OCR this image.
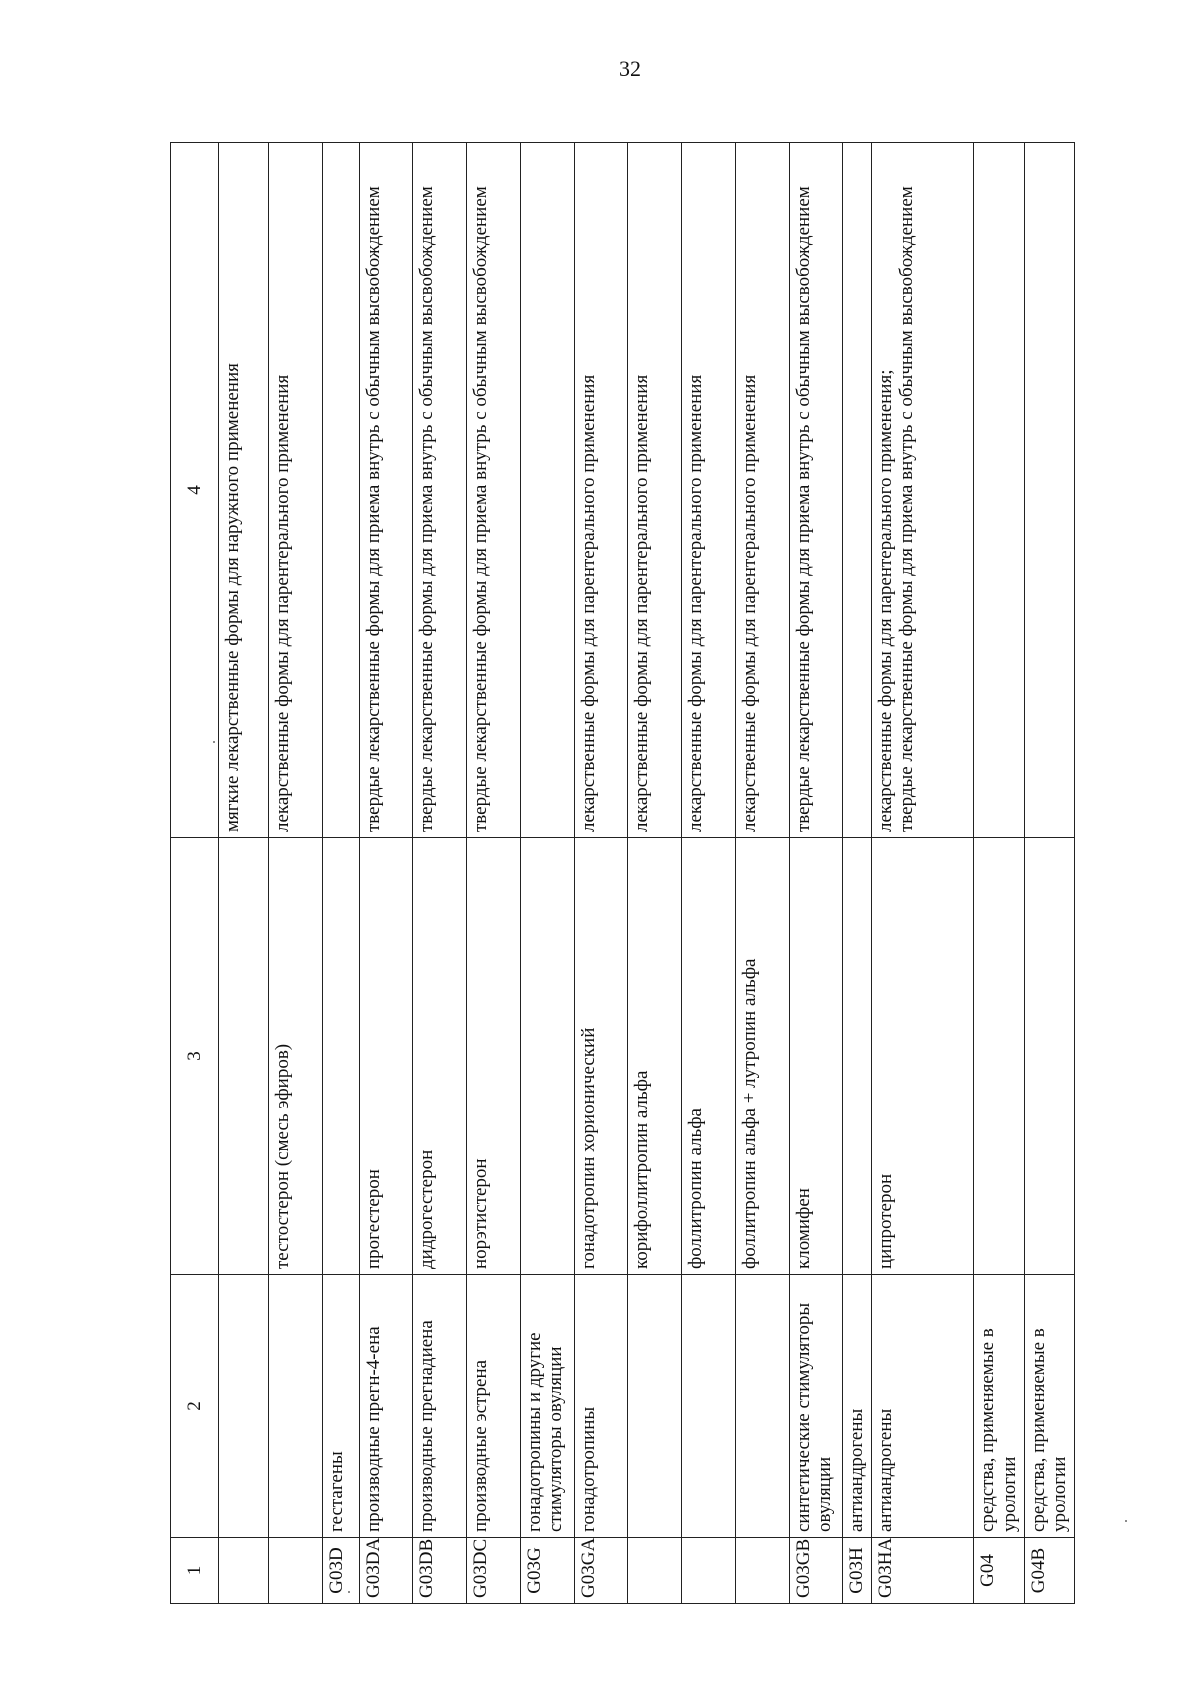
32
1	2	3	4

			мягкие лекарственные формы для наружного применения

		тестостерон (смесь эфиров)	лекарственные формы для парентерального применения

G03D	гестагены		
G03DA	производные прегн-4-ена	прогестерон	твердые лекарственные формы для приема внутрь с обычным высвобождением

G03DB	производные прегнадиена	дидрогестерон	твердые лекарственные формы для приема внутрь с обычным высвобождением

G03DC	производные эстрена	норэтистерон	твердые лекарственные формы для приема внутрь с обычным высвобождением

G03G	гонадотропины и другие стимуляторы овуляции		
G03GA	гонадотропины	гонадотропин хорионический	лекарственные формы для парентерального применения

		корифоллитропин альфа	лекарственные формы для парентерального применения

		фоллитропин альфа	лекарственные формы для парентерального применения

		фоллитропин альфа + лутропин альфа	лекарственные формы для парентерального применения

G03GB	синтетические стимуляторы овуляции	кломифен	твердые лекарственные формы для приема внутрь с обычным высвобождением

G03H	антиандрогены		
G03HA	антиандрогены	ципротерон	лекарственные формы для парентерального применения; твердые лекарственные формы для приема внутрь с обычным высвобождением

G04	средства, применяемые в урологии		
G04B	средства, применяемые в урологии		
